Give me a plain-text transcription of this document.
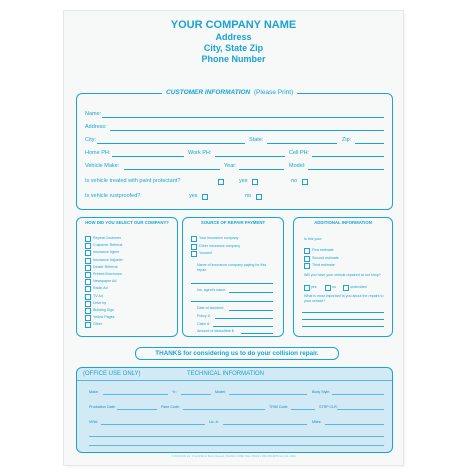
YOUR COMPANY NAME
Address
City, State Zip
Phone Number
CUSTOMER INFORMATION (Please Print)
Name:
Address:
City:	State:	Zip:
Home PH:	Work PH:	Cell PH:
Vehicle Make:	Year:	Model:
Is vehicle treated with paint protectant?	yes	no
Is vehicle rustproofed?	yes	no
HOW DID YOU SELECT OUR COMPANY?
Repeat Customer
Customer Referral
Insurance Agent
Insurance Adjuster
Dealer Referral
Printed Brochures
Newspaper Ad
Radio Ad
TV Ad
Drive by
Building Sign
Yellow Pages
Other
SOURCE OF REPAIR PAYMENT
Your insurance company
Other insurance company
Yourself
Name of insurance company paying for this repair.
Ins. agent's name:
Date of accident:
Policy #:
Claim #:
Amount of deductible $
ADDITIONAL INFORMATION
Is this your:
First estimate
Second estimate
Third estimate
Will you have your vehicle repaired at our shop?
yes	no	undecided
What is most important to you about the repairs to your vehicle?
THANKS for considering us to do your collision repair.
(OFFICE USE ONLY)	TECHNICAL INFORMATION
Make:	Yr.:	Model:	Body Style:
Production Date:	Paint Code:	TRIM Code:	STRP CLR:
VIN#:	Lic. #:	Miles:
© 2016 RCK Inc., Print R334 & Body Cleaned, 5/1/2021 CORE TELL PRICE 1-800-456-9876 Item No. 1060
